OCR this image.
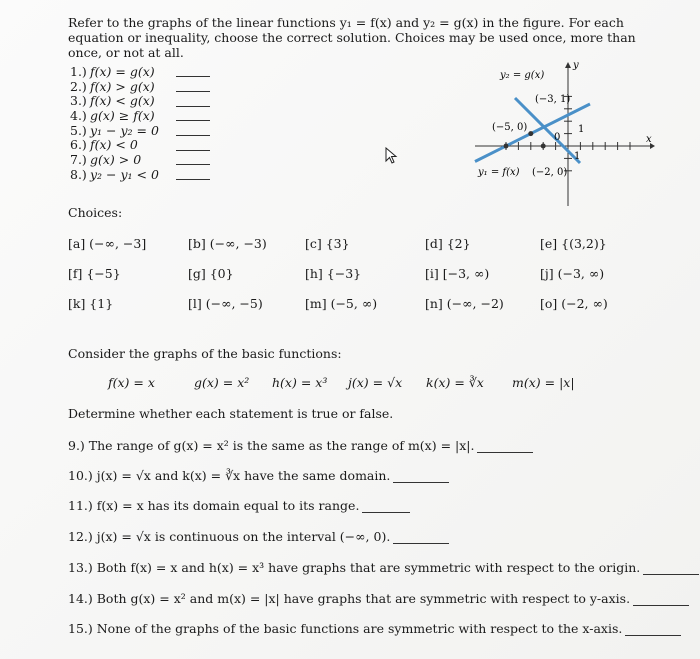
Refer to the graphs of the linear functions y₁ = f(x) and y₂ = g(x) in the figure. For each equation or inequality, choose the correct solution. Choices may be used once, more than once, or not at all.
1.) f(x) = g(x)
2.) f(x) > g(x)
3.) f(x) < g(x)
4.) g(x) ≥ f(x)
5.) y₁ − y₂ = 0
6.) f(x) < 0
7.) g(x) > 0
8.) y₂ − y₁ < 0
y₂ = g(x)
(−3, 1)
(−5, 0)
0
1
1
x
y
y₁ = f(x) (−2, 0)
Choices:
[a] (−∞, −3]	[b] (−∞, −3)	[c] {3}	[d] {2}	[e] {(3,2)}
[f] {−5}	[g] {0}	[h] {−3}	[i] [−3, ∞)	[j] (−3, ∞)
[k] {1}	[l] (−∞, −5)	[m] (−5, ∞)	[n] (−∞, −2)	[o] (−2, ∞)
Consider the graphs of the basic functions:
f(x) = x	g(x) = x² h(x) = x³ j(x) = √x k(x) = ∛x m(x) = |x|
Determine whether each statement is true or false.
9.) The range of g(x) = x² is the same as the range of m(x) = |x|.
10.) j(x) = √x and k(x) = ∛x have the same domain.
11.) f(x) = x has its domain equal to its range.
12.) j(x) = √x is continuous on the interval (−∞, 0).
13.) Both f(x) = x and h(x) = x³ have graphs that are symmetric with respect to the origin.
14.) Both g(x) = x² and m(x) = |x| have graphs that are symmetric with respect to y-axis.
15.) None of the graphs of the basic functions are symmetric with respect to the x-axis.
